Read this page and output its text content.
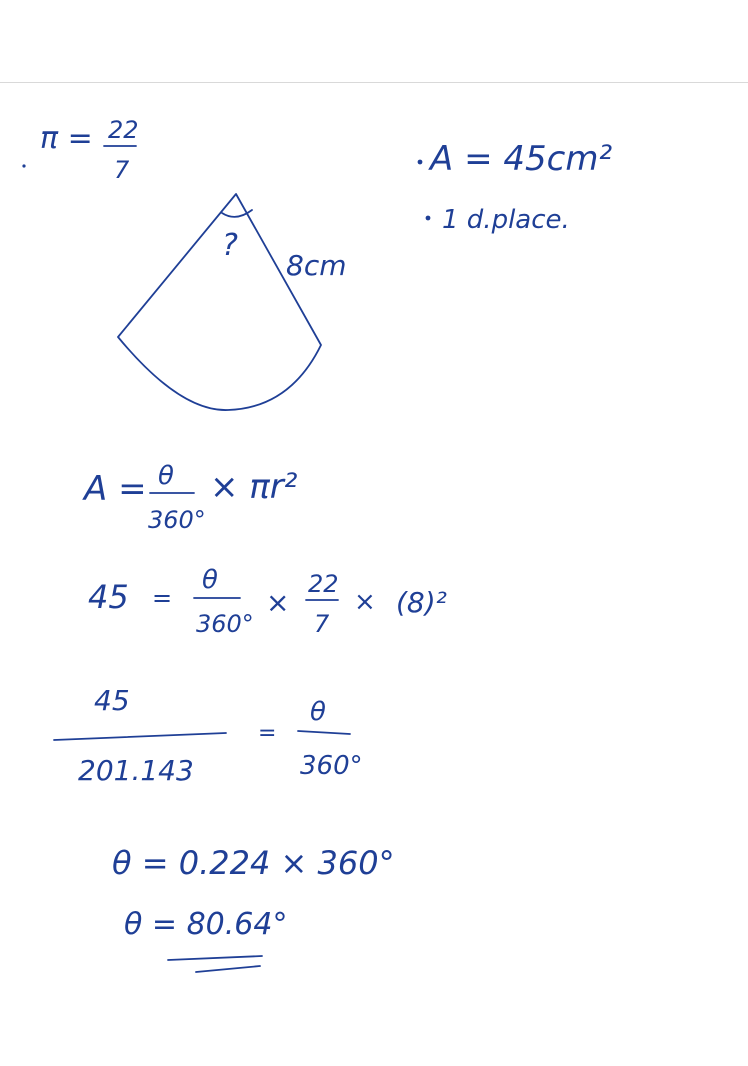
π = 22
7	A = 45cm²
1 d.place.
?
8cm
A = θ
360°
× πr²
45 =
θ
360°
×
22
7
× (8)²
45
201.143
=
θ
360°
θ = 0.224 × 360°
θ = 80.64°
